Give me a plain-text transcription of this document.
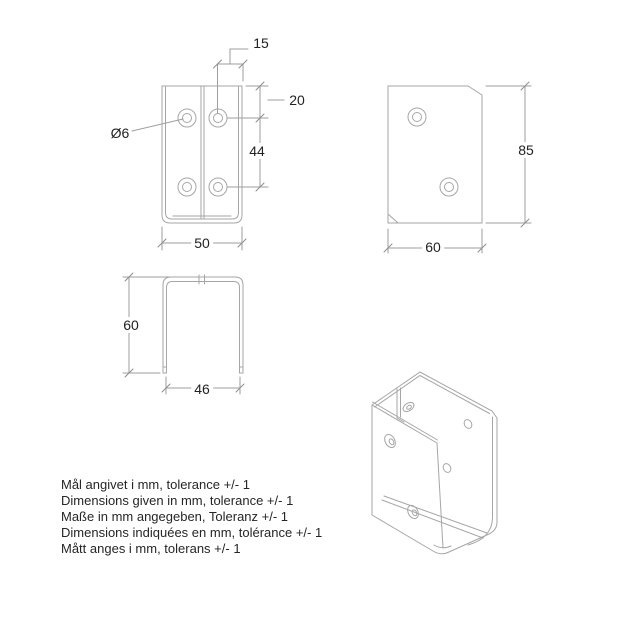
15
20
Ø6
44
50
85
60
60
46
Mål angivet i mm, tolerance +/- 1
Dimensions given in mm, tolerance +/- 1
Maße in mm angegeben, Toleranz +/- 1
Dimensions indiquées en mm, tolérance +/- 1
Mått anges i mm, tolerans +/- 1
